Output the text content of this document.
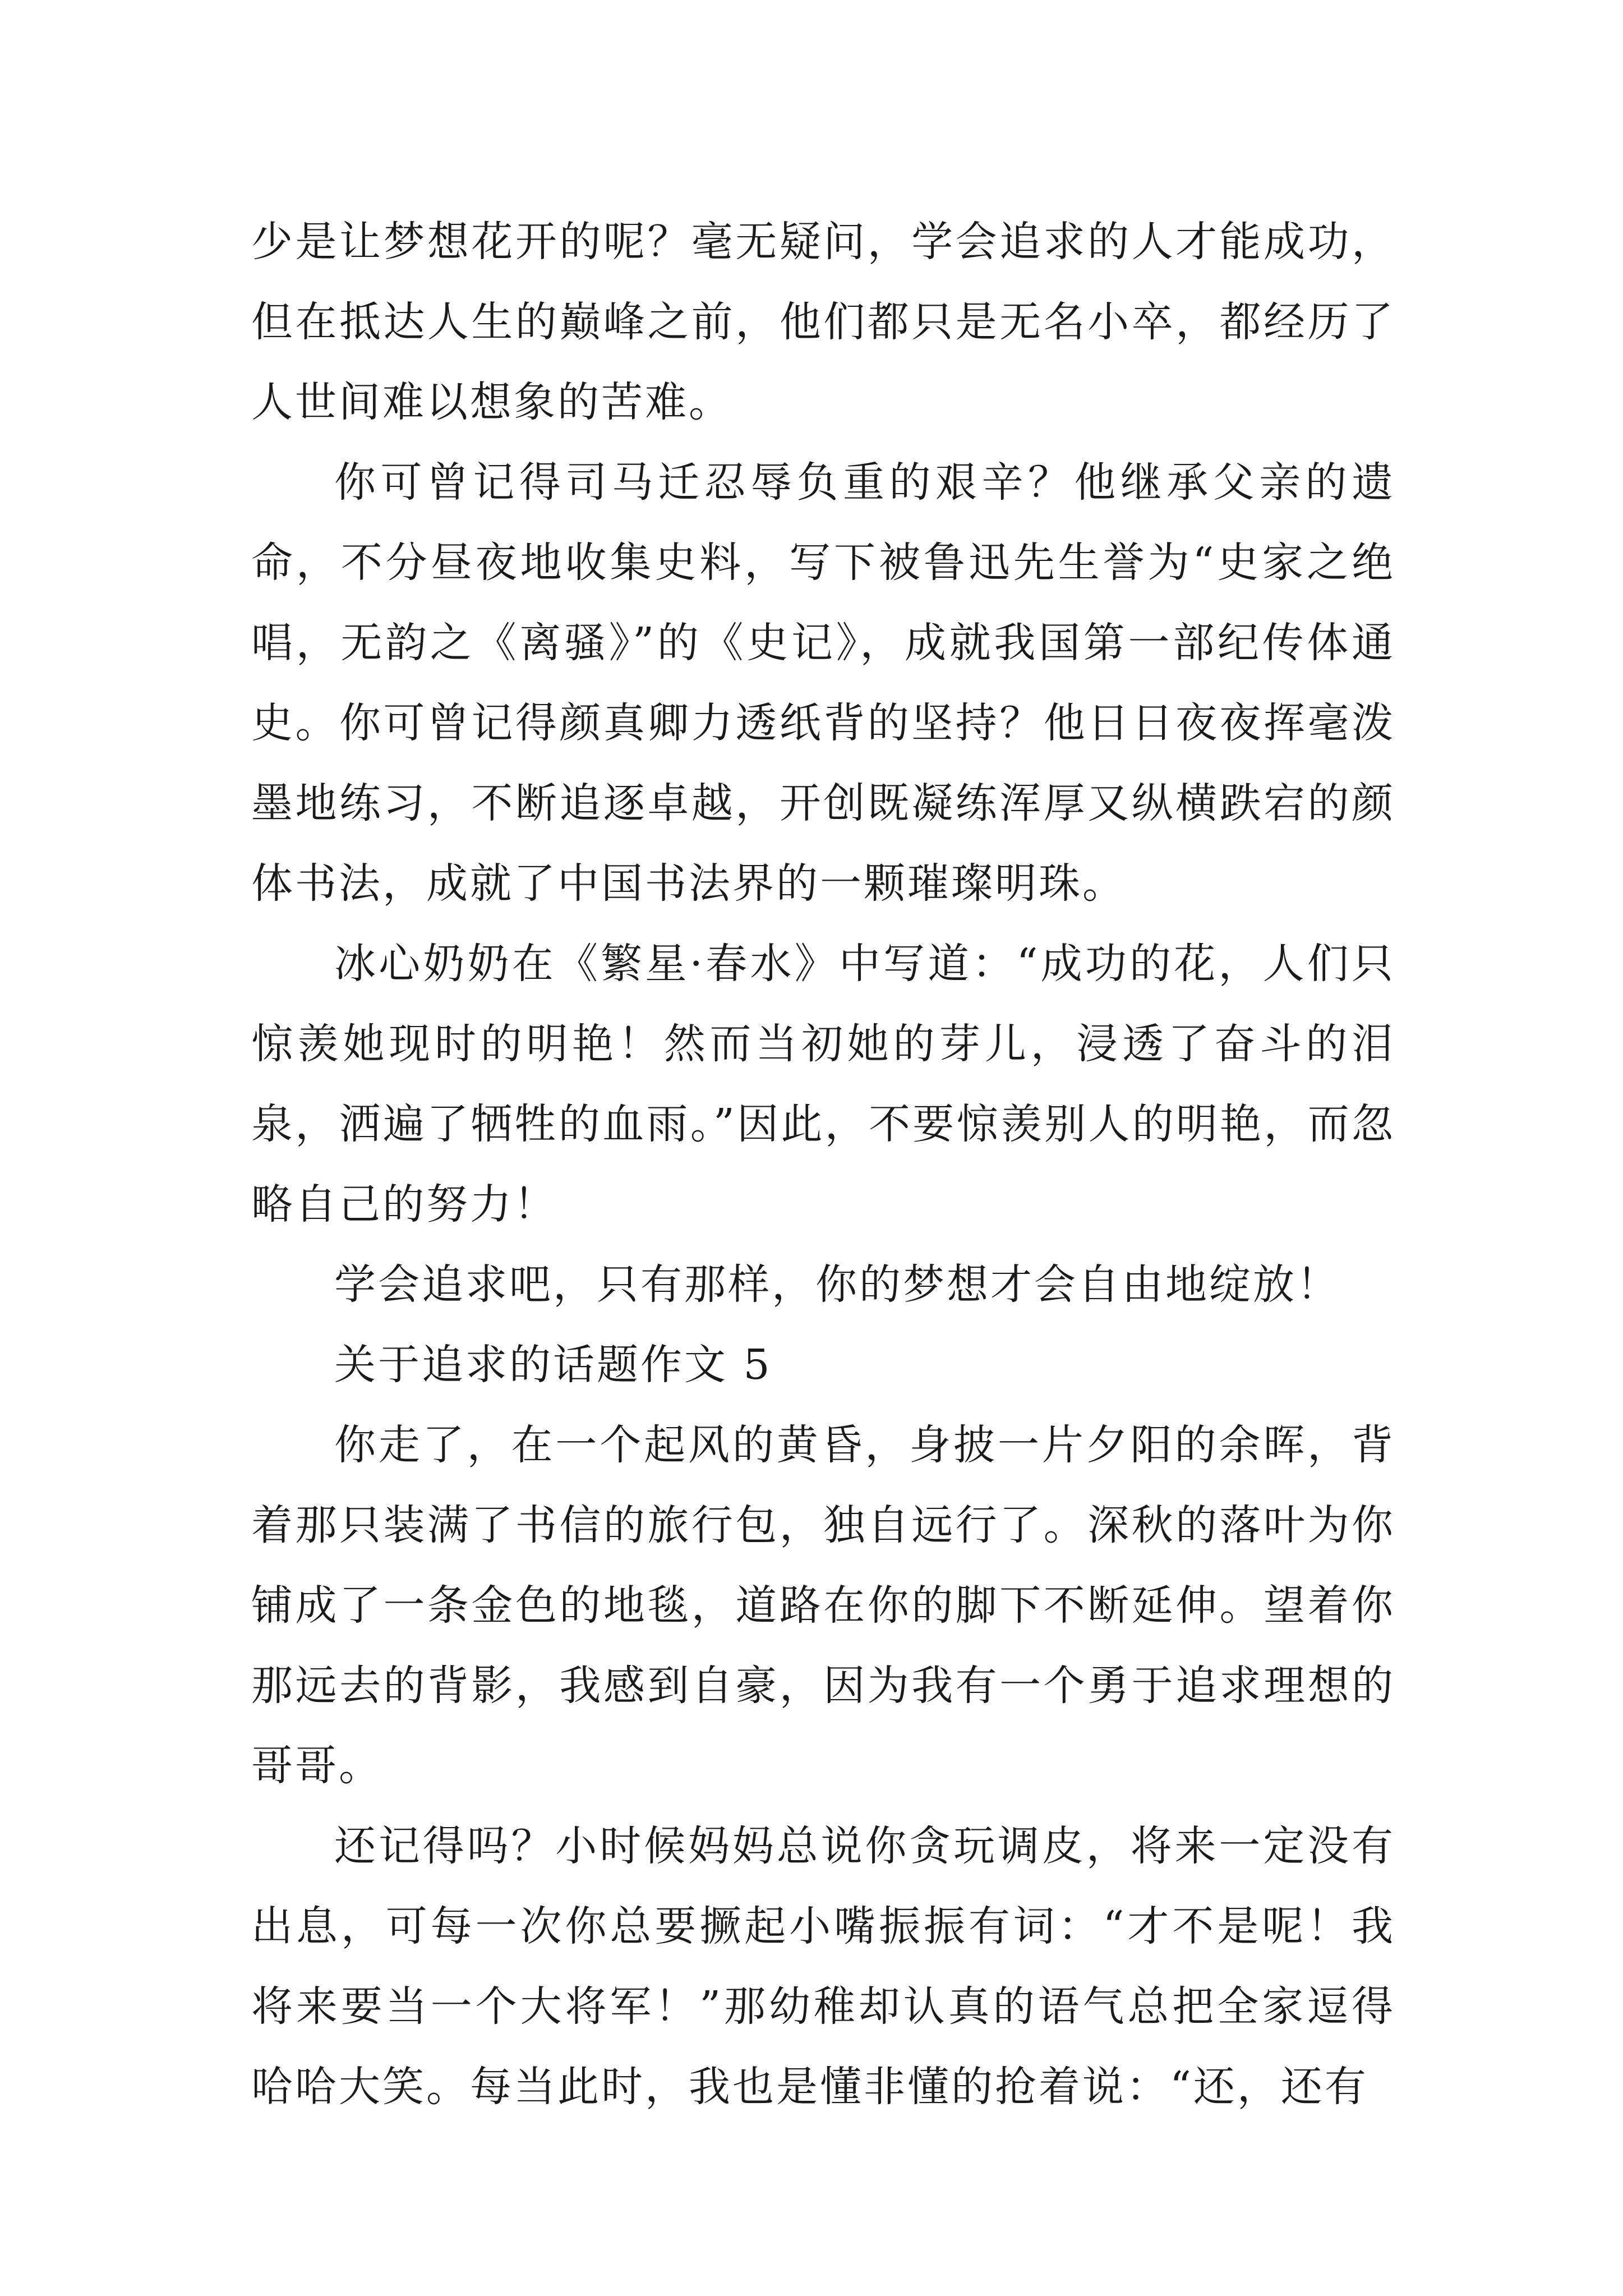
少是让梦想花开的呢？毫无疑问，学会追求的人才能成功，但在抵达人生的巅峰之前，他们都只是无名小卒，都经历了人世间难以想象的苦难。

你可曾记得司马迁忍辱负重的艰辛？他继承父亲的遗命，不分昼夜地收集史料，写下被鲁迅先生誉为“史家之绝唱，无韵之《离骚》”的《史记》，成就我国第一部纪传体通史。你可曾记得颜真卿力透纸背的坚持？他日日夜夜挥毫泼墨地练习，不断追逐卓越，开创既凝练浑厚又纵横跌宕的颜体书法，成就了中国书法界的一颗璀璨明珠。

冰心奶奶在《繁星·春水》中写道：“成功的花，人们只惊羡她现时的明艳！然而当初她的芽儿，浸透了奋斗的泪泉，洒遍了牺牲的血雨。”因此，不要惊羡别人的明艳，而忽略自己的努力！

学会追求吧，只有那样，你的梦想才会自由地绽放！

关于追求的话题作文 5

你走了，在一个起风的黄昏，身披一片夕阳的余晖，背着那只装满了书信的旅行包，独自远行了。深秋的落叶为你铺成了一条金色的地毯，道路在你的脚下不断延伸。望着你那远去的背影，我感到自豪，因为我有一个勇于追求理想的哥哥。

还记得吗？小时候妈妈总说你贪玩调皮，将来一定没有出息，可每一次你总要撅起小嘴振振有词：“才不是呢！我将来要当一个大将军！”那幼稚却认真的语气总把全家逗得哈哈大笑。每当此时，我也是懂非懂的抢着说：“还，还有
